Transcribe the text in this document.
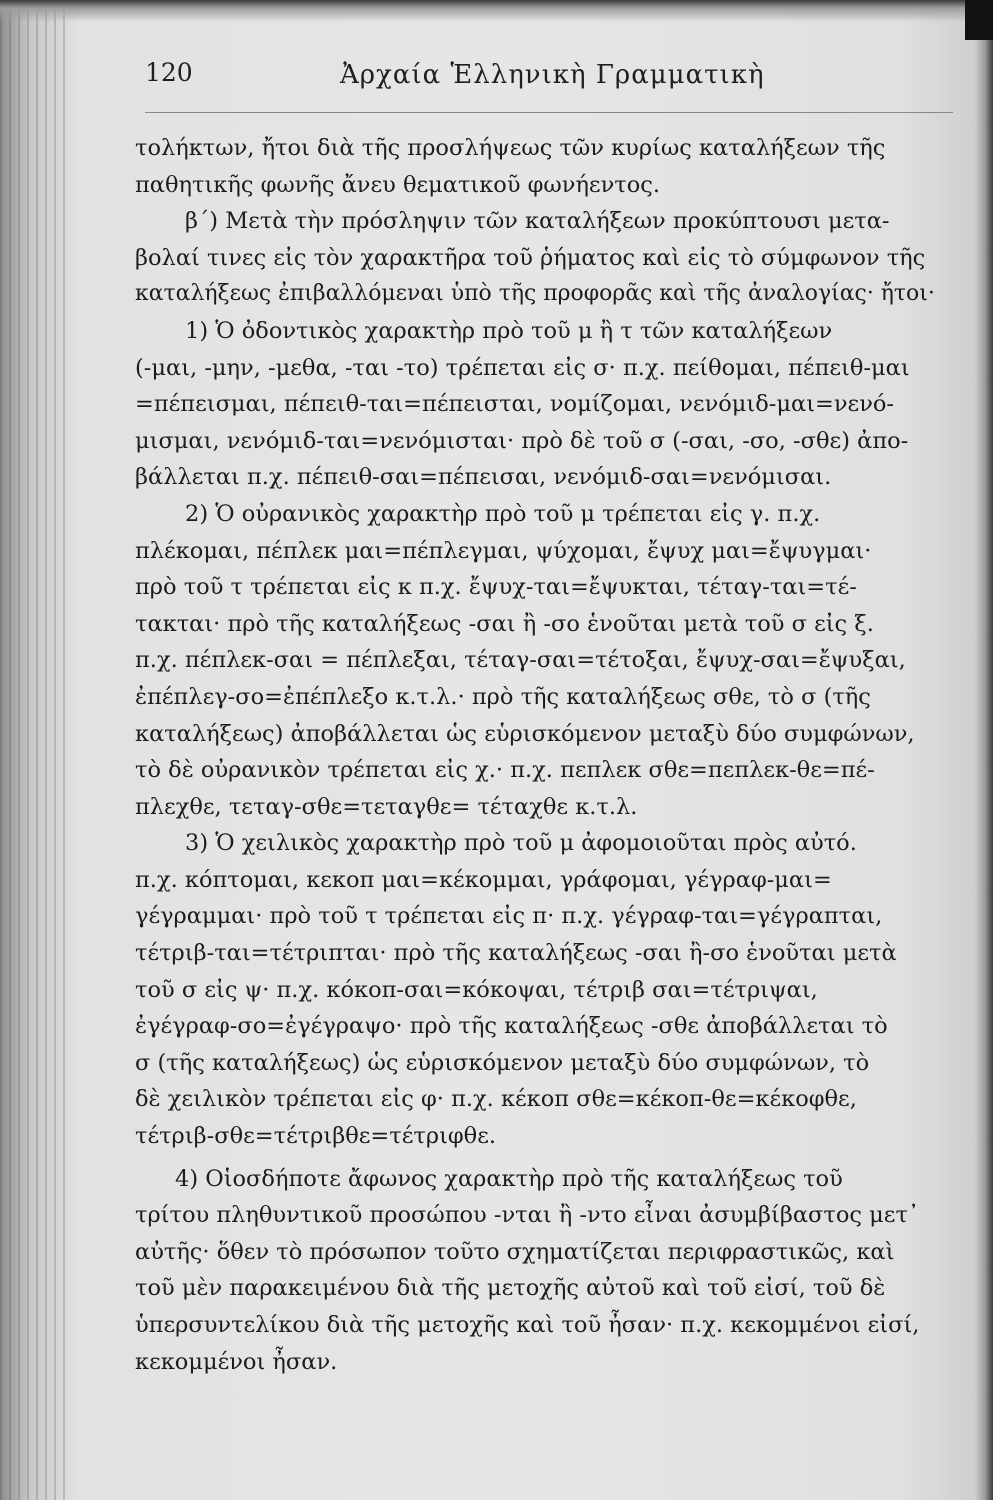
120	Ἀρχαία Ἑλληνικὴ Γραμματικὴ
τολήκτων, ἤτοι διὰ τῆς προσλήψεως τῶν κυρίως καταλήξεων τῆς
παθητικῆς φωνῆς ἄνευ θεματικοῦ φωνήεντος.
β΄) Μετὰ τὴν πρόσληψιν τῶν καταλήξεων προκύπτουσι μετα-
βολαί τινες εἰς τὸν χαρακτῆρα τοῦ ῥήματος καὶ εἰς τὸ σύμφωνον τῆς
καταλήξεως ἐπιβαλλόμεναι ὑπὸ τῆς προφορᾶς καὶ τῆς ἀναλογίας· ἤτοι·
1) Ὁ ὀδοντικὸς χαρακτὴρ πρὸ τοῦ μ ἢ τ τῶν καταλήξεων
(-μαι, -μην, -μεθα, -ται -το) τρέπεται εἰς σ· π.χ. πείθομαι, πέπειθ-μαι
=πέπεισμαι, πέπειθ-ται=πέπεισται, νομίζομαι, νενόμιδ-μαι=νενό-
μισμαι, νενόμιδ-ται=νενόμισται· πρὸ δὲ τοῦ σ (-σαι, -σο, -σθε) ἀπο-
βάλλεται π.χ. πέπειθ-σαι=πέπεισαι, νενόμιδ-σαι=νενόμισαι.
2) Ὁ οὐρανικὸς χαρακτὴρ πρὸ τοῦ μ τρέπεται εἰς γ. π.χ.
πλέκομαι, πέπλεκ μαι=πέπλεγμαι, ψύχομαι, ἔψυχ μαι=ἔψυγμαι·
πρὸ τοῦ τ τρέπεται εἰς κ π.χ. ἔψυχ-ται=ἔψυκται, τέταγ-ται=τέ-
τακται· πρὸ τῆς καταλήξεως -σαι ἢ -σο ἑνοῦται μετὰ τοῦ σ εἰς ξ.
π.χ. πέπλεκ-σαι = πέπλεξαι, τέταγ-σαι=τέτοξαι, ἔψυχ-σαι=ἔψυξαι,
ἐπέπλεγ-σο=ἐπέπλεξο κ.τ.λ.· πρὸ τῆς καταλήξεως σθε, τὸ σ (τῆς
καταλήξεως) ἀποβάλλεται ὡς εὑρισκόμενον μεταξὺ δύο συμφώνων,
τὸ δὲ οὐρανικὸν τρέπεται εἰς χ.· π.χ. πεπλεκ σθε=πεπλεκ-θε=πέ-
πλεχθε, τεταγ-σθε=τεταγθε= τέταχθε κ.τ.λ.
3) Ὁ χειλικὸς χαρακτὴρ πρὸ τοῦ μ ἀφομοιοῦται πρὸς αὐτό.
π.χ. κόπτομαι, κεκοπ μαι=κέκομμαι, γράφομαι, γέγραφ-μαι=
γέγραμμαι· πρὸ τοῦ τ τρέπεται εἰς π· π.χ. γέγραφ-ται=γέγραπται,
τέτριβ-ται=τέτριπται· πρὸ τῆς καταλήξεως -σαι ἢ-σο ἑνοῦται μετὰ
τοῦ σ εἰς ψ· π.χ. κόκοπ-σαι=κόκοψαι, τέτριβ σαι=τέτριψαι,
ἐγέγραφ-σο=ἐγέγραψο· πρὸ τῆς καταλήξεως -σθε ἀποβάλλεται τὸ
σ (τῆς καταλήξεως) ὡς εὑρισκόμενον μεταξὺ δύο συμφώνων, τὸ
δὲ χειλικὸν τρέπεται εἰς φ· π.χ. κέκοπ σθε=κέκοπ-θε=κέκοφθε,
τέτριβ-σθε=τέτριβθε=τέτριφθε.
4) Οἱοσδήποτε ἄφωνος χαρακτὴρ πρὸ τῆς καταλήξεως τοῦ
τρίτου πληθυντικοῦ προσώπου -νται ἢ -ντο εἶναι ἀσυμβίβαστος μετ᾽
αὐτῆς· ὅθεν τὸ πρόσωπον τοῦτο σχηματίζεται περιφραστικῶς, καὶ
τοῦ μὲν παρακειμένου διὰ τῆς μετοχῆς αὐτοῦ καὶ τοῦ εἰσί, τοῦ δὲ
ὑπερσυντελίκου διὰ τῆς μετοχῆς καὶ τοῦ ἦσαν· π.χ. κεκομμένοι εἰσί,
κεκομμένοι ἦσαν.
